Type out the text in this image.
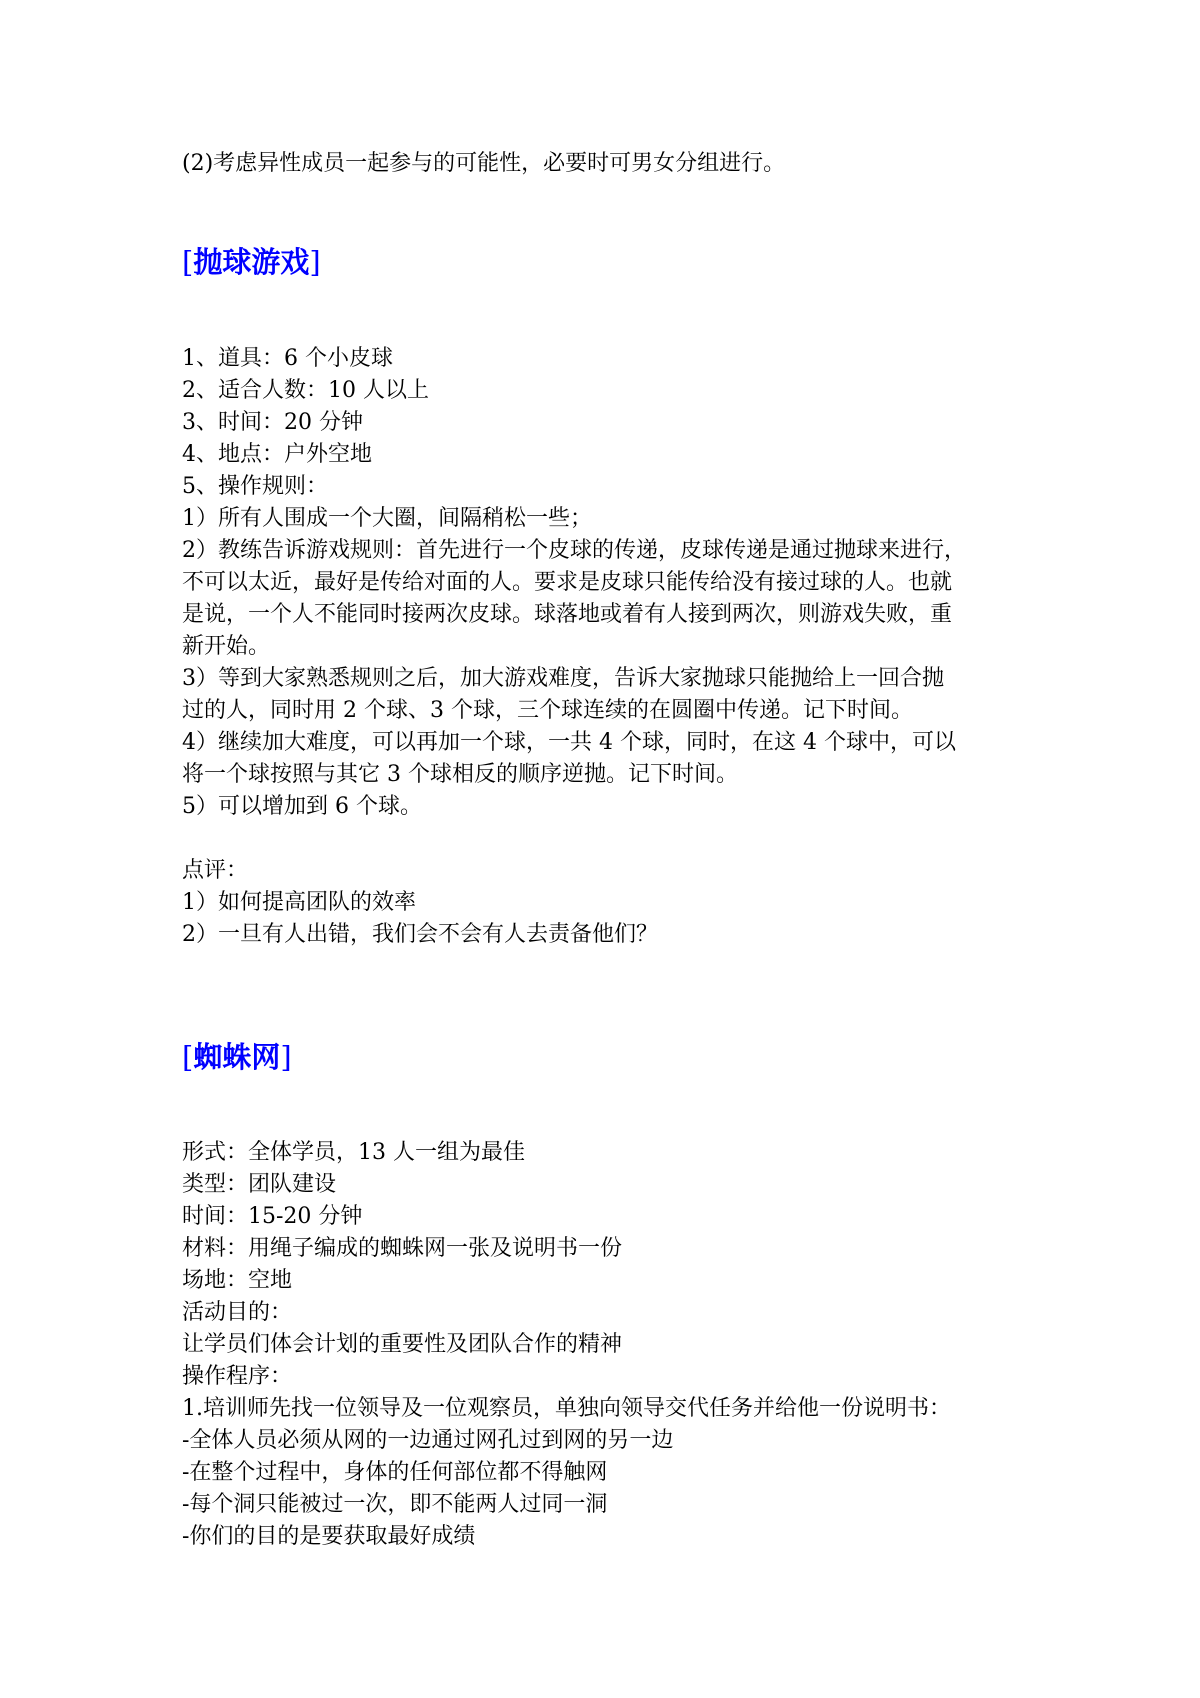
(2)考虑异性成员一起参与的可能性，必要时可男女分组进行。
[抛球游戏]
1、道具：6 个小皮球
2、适合人数：10 人以上
3、时间：20 分钟
4、地点：户外空地
5、操作规则：
1）所有人围成一个大圈，间隔稍松一些；
2）教练告诉游戏规则：首先进行一个皮球的传递，皮球传递是通过抛球来进行，
不可以太近，最好是传给对面的人。要求是皮球只能传给没有接过球的人。也就
是说，一个人不能同时接两次皮球。球落地或着有人接到两次，则游戏失败，重
新开始。
3）等到大家熟悉规则之后，加大游戏难度，告诉大家抛球只能抛给上一回合抛
过的人，同时用 2 个球、3 个球，三个球连续的在圆圈中传递。记下时间。
4）继续加大难度，可以再加一个球，一共 4 个球，同时，在这 4 个球中，可以
将一个球按照与其它 3 个球相反的顺序逆抛。记下时间。
5）可以增加到 6 个球。
点评：
1）如何提高团队的效率
2）一旦有人出错，我们会不会有人去责备他们？
[蜘蛛网]
形式：全体学员，13 人一组为最佳
类型：团队建设
时间：15-20 分钟
材料：用绳子编成的蜘蛛网一张及说明书一份
场地：空地
活动目的：
让学员们体会计划的重要性及团队合作的精神
操作程序：
1.培训师先找一位领导及一位观察员，单独向领导交代任务并给他一份说明书：
-全体人员必须从网的一边通过网孔过到网的另一边
-在整个过程中，身体的任何部位都不得触网
-每个洞只能被过一次，即不能两人过同一洞
-你们的目的是要获取最好成绩
